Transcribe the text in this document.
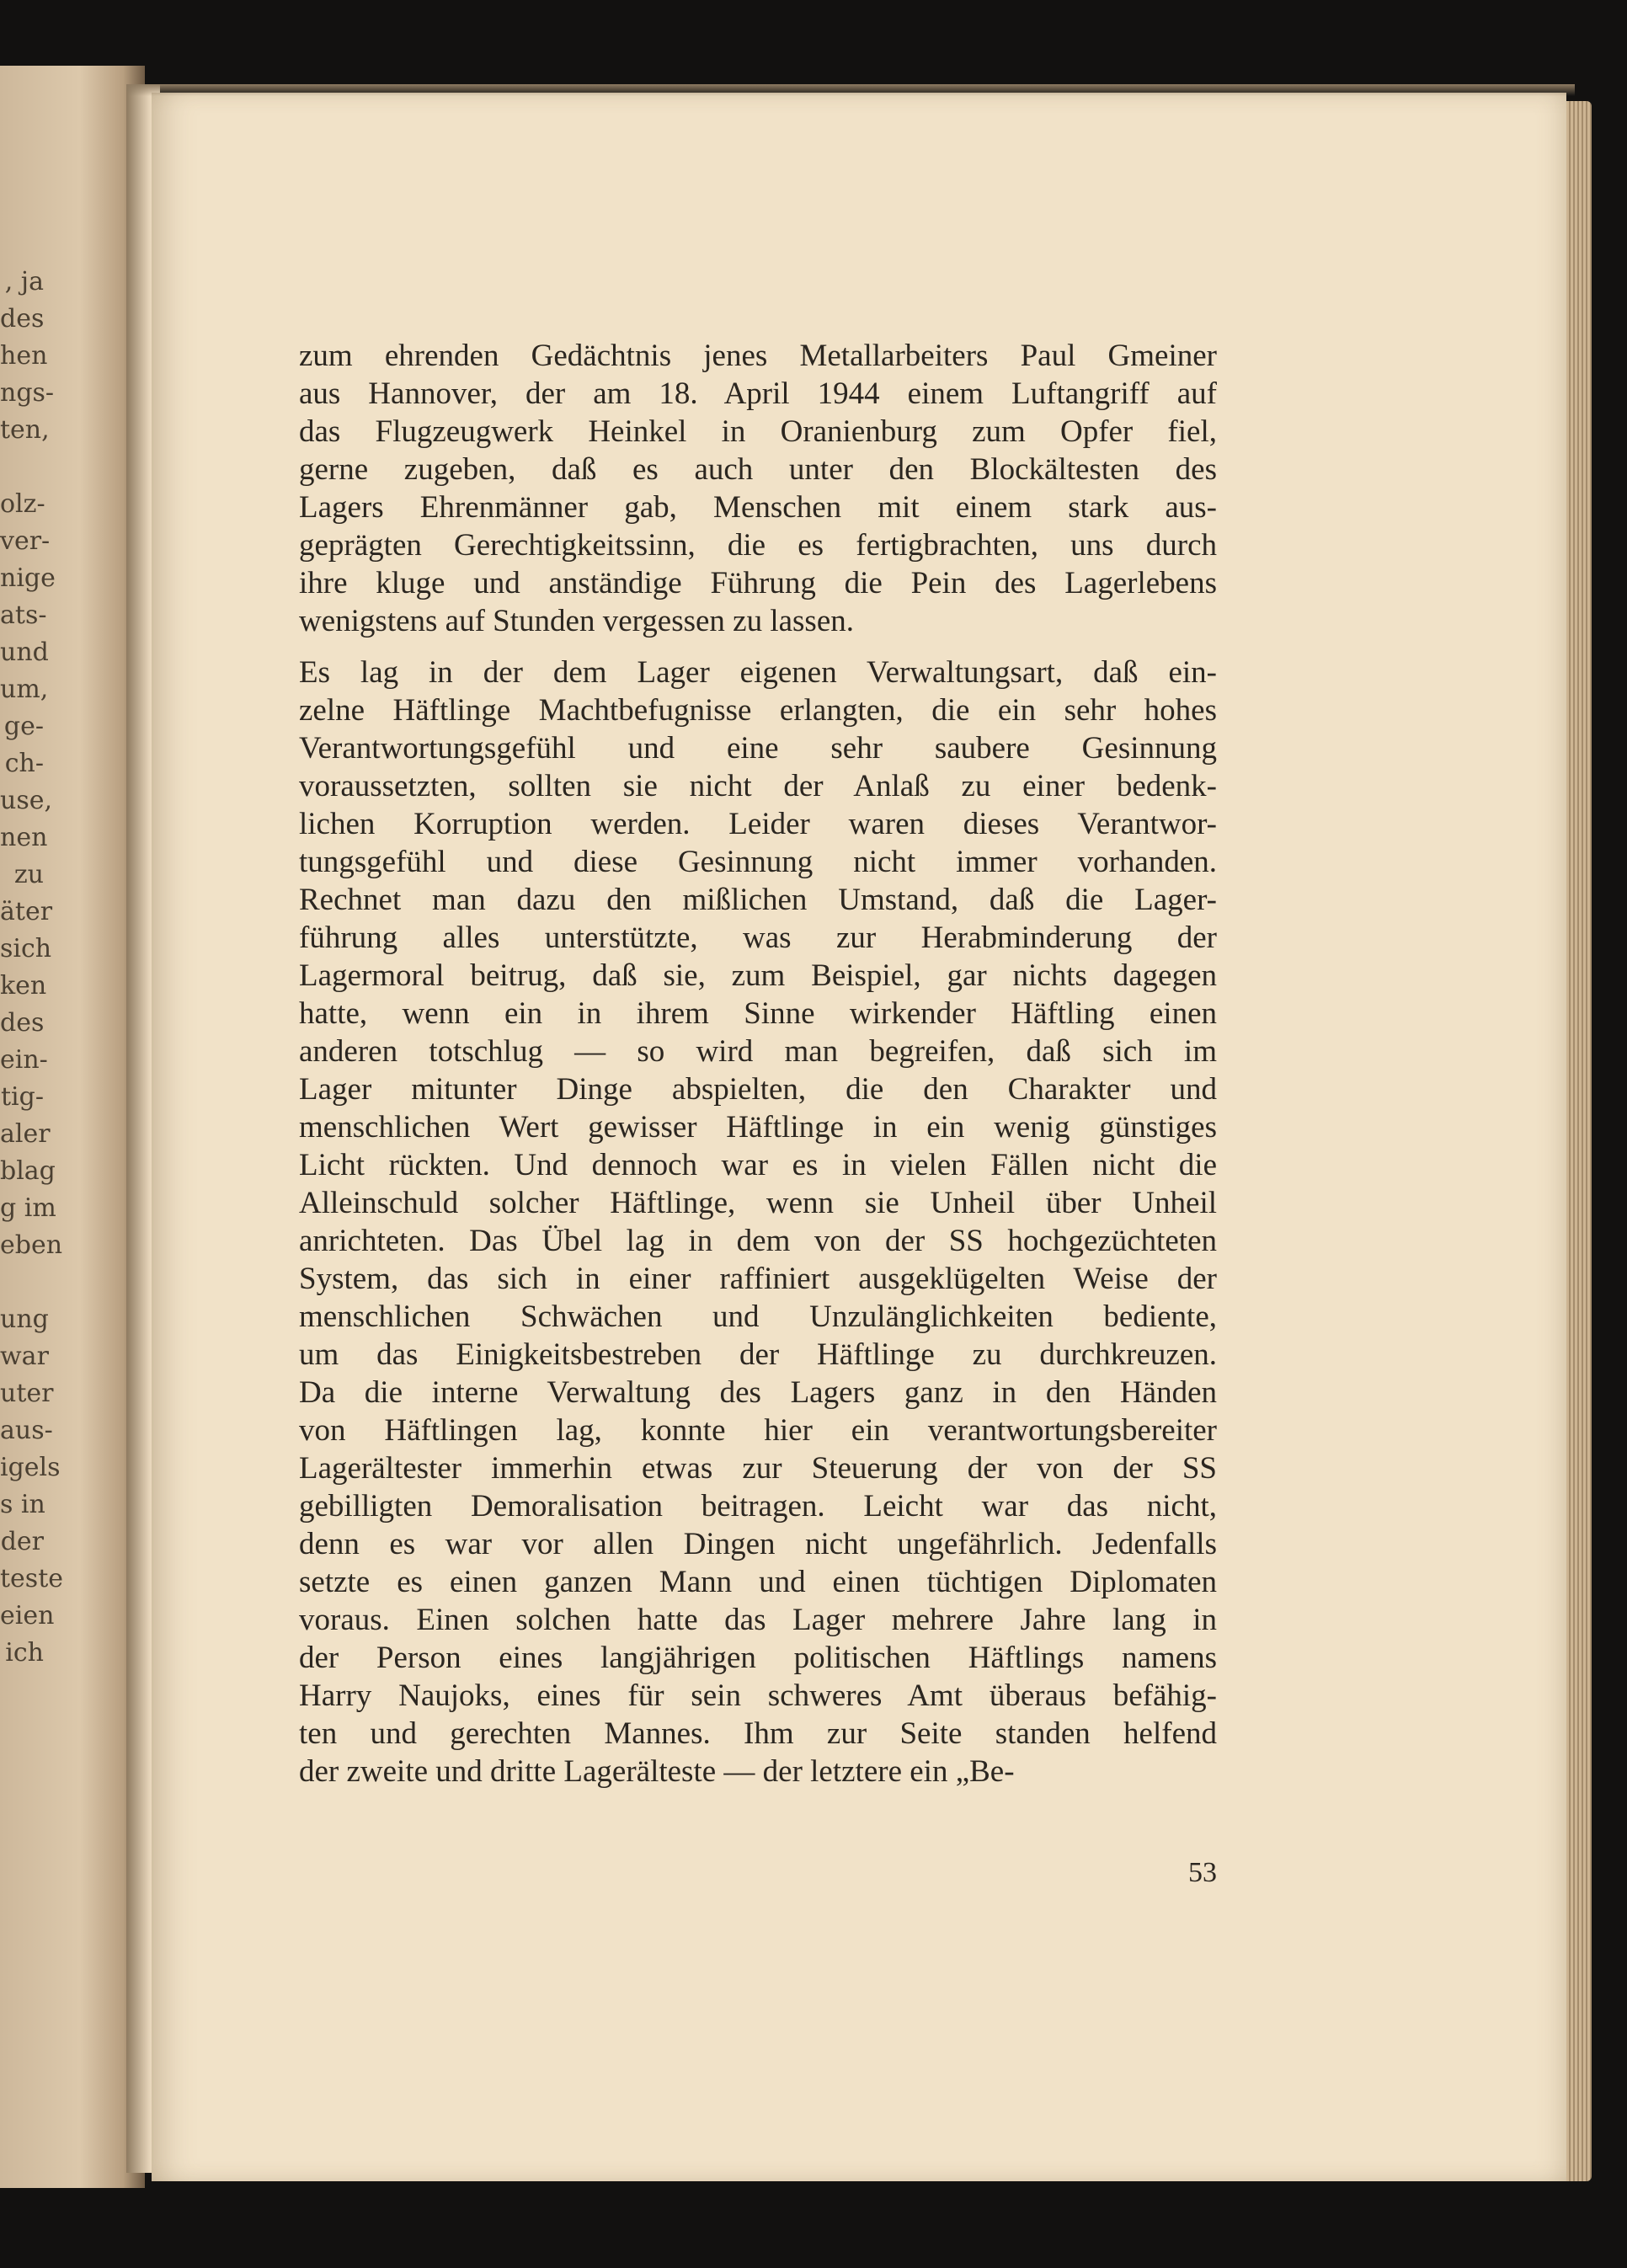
, ja
des
hen
ngs-
ten,
olz-
ver-
nige
ats-
und
um,
ge-
ch-
use,
nen
zu
äter
sich
ken
des
ein-
tig-
aler
blag
g im
eben
ung
war
uter
aus-
igels
s in
der
teste
eien
ich
zum ehrenden Gedächtnis jenes Metallarbeiters Paul Gmeiner
aus Hannover, der am 18. April 1944 einem Luftangriff auf
das Flugzeugwerk Heinkel in Oranienburg zum Opfer fiel,
gerne zugeben, daß es auch unter den Blockältesten des
Lagers Ehrenmänner gab, Menschen mit einem stark aus-
geprägten Gerechtigkeitssinn, die es fertigbrachten, uns durch
ihre kluge und anständige Führung die Pein des Lagerlebens
wenigstens auf Stunden vergessen zu lassen.
Es lag in der dem Lager eigenen Verwaltungsart, daß ein-
zelne Häftlinge Machtbefugnisse erlangten, die ein sehr hohes
Verantwortungsgefühl und eine sehr saubere Gesinnung
voraussetzten, sollten sie nicht der Anlaß zu einer bedenk-
lichen Korruption werden. Leider waren dieses Verantwor-
tungsgefühl und diese Gesinnung nicht immer vorhanden.
Rechnet man dazu den mißlichen Umstand, daß die Lager-
führung alles unterstützte, was zur Herabminderung der
Lagermoral beitrug, daß sie, zum Beispiel, gar nichts dagegen
hatte, wenn ein in ihrem Sinne wirkender Häftling einen
anderen totschlug — so wird man begreifen, daß sich im
Lager mitunter Dinge abspielten, die den Charakter und
menschlichen Wert gewisser Häftlinge in ein wenig günstiges
Licht rückten. Und dennoch war es in vielen Fällen nicht die
Alleinschuld solcher Häftlinge, wenn sie Unheil über Unheil
anrichteten. Das Übel lag in dem von der SS hochgezüchteten
System, das sich in einer raffiniert ausgeklügelten Weise der
menschlichen Schwächen und Unzulänglichkeiten bediente,
um das Einigkeitsbestreben der Häftlinge zu durchkreuzen.
Da die interne Verwaltung des Lagers ganz in den Händen
von Häftlingen lag, konnte hier ein verantwortungsbereiter
Lagerältester immerhin etwas zur Steuerung der von der SS
gebilligten Demoralisation beitragen. Leicht war das nicht,
denn es war vor allen Dingen nicht ungefährlich. Jedenfalls
setzte es einen ganzen Mann und einen tüchtigen Diplomaten
voraus. Einen solchen hatte das Lager mehrere Jahre lang in
der Person eines langjährigen politischen Häftlings namens
Harry Naujoks, eines für sein schweres Amt überaus befähig-
ten und gerechten Mannes. Ihm zur Seite standen helfend
der zweite und dritte Lagerälteste — der letztere ein „Be-
53
